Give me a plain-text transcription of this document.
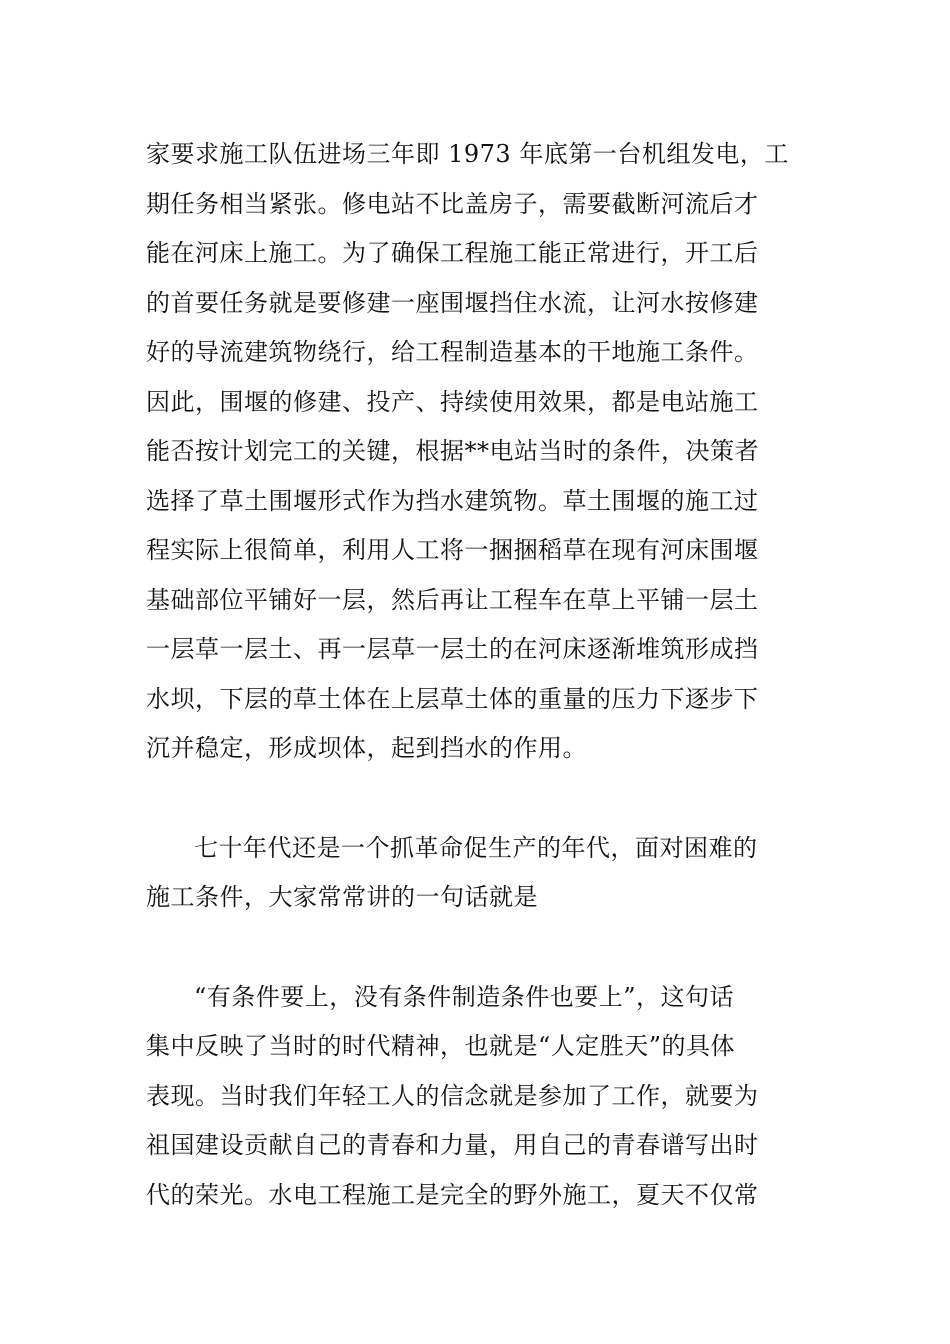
家要求施工队伍进场三年即 1973 年底第一台机组发电，工
期任务相当紧张。修电站不比盖房子，需要截断河流后才
能在河床上施工。为了确保工程施工能正常进行，开工后
的首要任务就是要修建一座围堰挡住水流，让河水按修建
好的导流建筑物绕行，给工程制造基本的干地施工条件。
因此，围堰的修建、投产、持续使用效果，都是电站施工
能否按计划完工的关键，根据**电站当时的条件，决策者
选择了草土围堰形式作为挡水建筑物。草土围堰的施工过
程实际上很简单，利用人工将一捆捆稻草在现有河床围堰
基础部位平铺好一层，然后再让工程车在草上平铺一层土
一层草一层土、再一层草一层土的在河床逐渐堆筑形成挡
水坝，下层的草土体在上层草土体的重量的压力下逐步下
沉并稳定，形成坝体，起到挡水的作用。
七十年代还是一个抓革命促生产的年代，面对困难的
施工条件，大家常常讲的一句话就是
“有条件要上，没有条件制造条件也要上”，这句话
集中反映了当时的时代精神，也就是“人定胜天”的具体
表现。当时我们年轻工人的信念就是参加了工作，就要为
祖国建设贡献自己的青春和力量，用自己的青春谱写出时
代的荣光。水电工程施工是完全的野外施工，夏天不仅常
